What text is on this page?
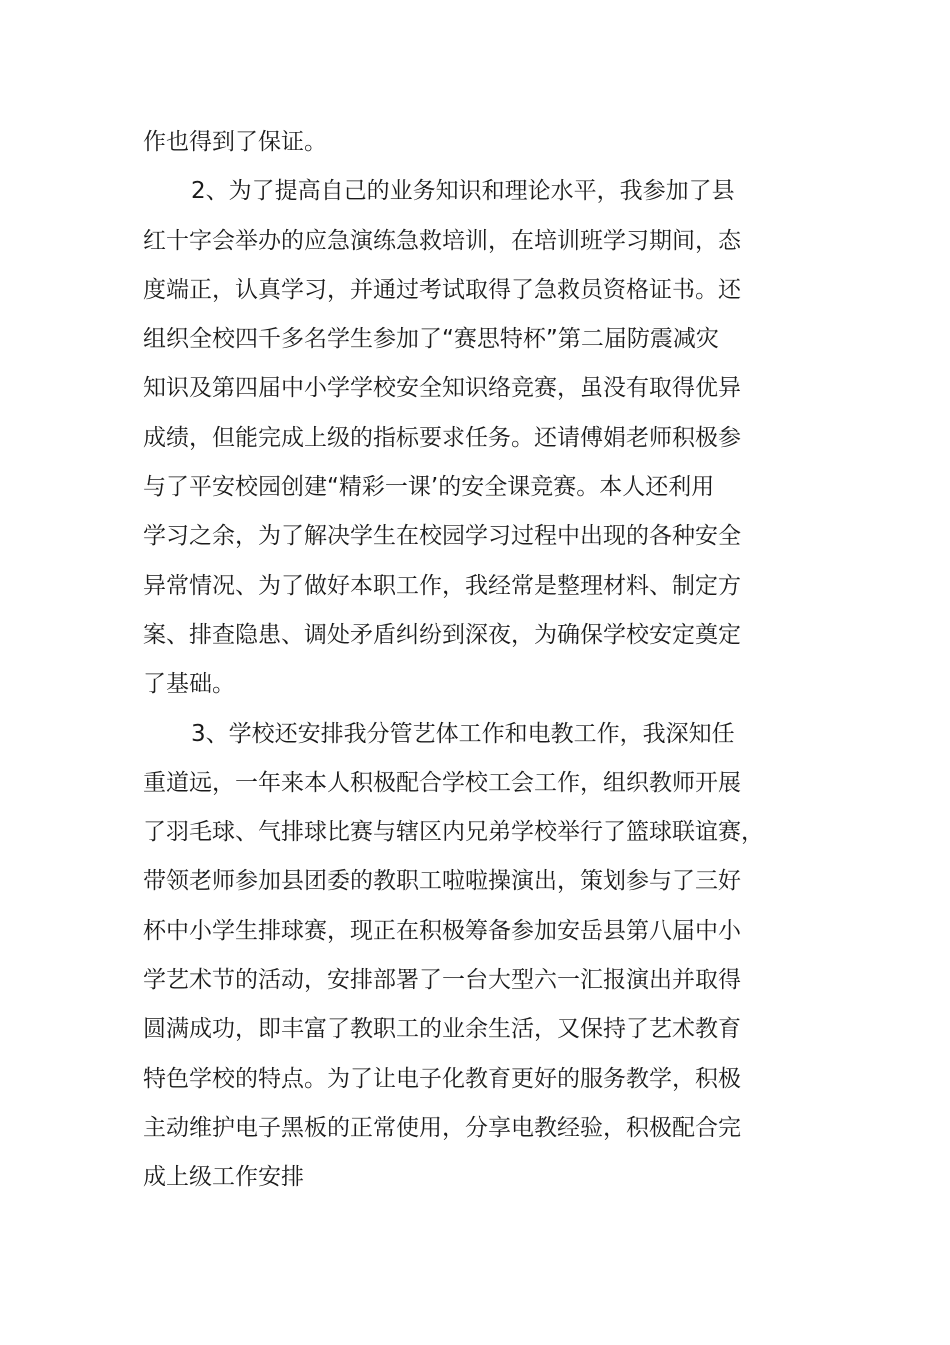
作也得到了保证。
2、为了提高自己的业务知识和理论水平，我参加了县
红十字会举办的应急演练急救培训，在培训班学习期间，态
度端正，认真学习，并通过考试取得了急救员资格证书。还
组织全校四千多名学生参加了“赛思特杯”第二届防震减灾
知识及第四届中小学学校安全知识络竞赛，虽没有取得优异
成绩，但能完成上级的指标要求任务。还请傅娟老师积极参
与了平安校园创建“精彩一课’的安全课竞赛。本人还利用
学习之余，为了解决学生在校园学习过程中出现的各种安全
异常情况、为了做好本职工作，我经常是整理材料、制定方
案、排查隐患、调处矛盾纠纷到深夜，为确保学校安定奠定
了基础。
3、学校还安排我分管艺体工作和电教工作，我深知任
重道远，一年来本人积极配合学校工会工作，组织教师开展
了羽毛球、气排球比赛与辖区内兄弟学校举行了篮球联谊赛，
带领老师参加县团委的教职工啦啦操演出，策划参与了三好
杯中小学生排球赛，现正在积极筹备参加安岳县第八届中小
学艺术节的活动，安排部署了一台大型六一汇报演出并取得
圆满成功，即丰富了教职工的业余生活，又保持了艺术教育
特色学校的特点。为了让电子化教育更好的服务教学，积极
主动维护电子黑板的正常使用，分享电教经验，积极配合完
成上级工作安排
